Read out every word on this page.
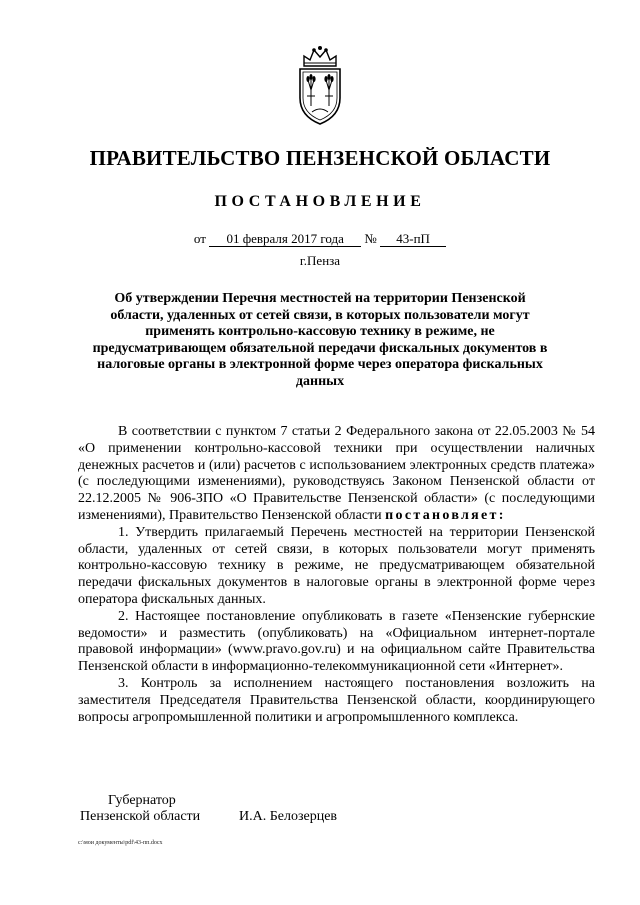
ПРАВИТЕЛЬСТВО ПЕНЗЕНСКОЙ ОБЛАСТИ
ПОСТАНОВЛЕНИЕ
от 01 февраля 2017 года № 43-пП
г.Пенза
Об утверждении Перечня местностей на территории Пензенской области, удаленных от сетей связи, в которых пользователи могут применять контрольно-кассовую технику в режиме, не предусматривающем обязательной передачи фискальных документов в налоговые органы в электронной форме через оператора фискальных данных

В соответствии с пунктом 7 статьи 2 Федерального закона от 22.05.2003 № 54 «О применении контрольно-кассовой техники при осуществлении наличных денежных расчетов и (или) расчетов с использованием электронных средств платежа» (с последующими изменениями), руководствуясь Законом Пензенской области от 22.12.2005 № 906-ЗПО «О Правительстве Пензенской области» (с последующими изменениями), Правительство Пензенской области постановляет:

1. Утвердить прилагаемый Перечень местностей на территории Пензенской области, удаленных от сетей связи, в которых пользователи могут применять контрольно-кассовую технику в режиме, не предусматривающем обязательной передачи фискальных документов в налоговые органы в электронной форме через оператора фискальных данных.

2. Настоящее постановление опубликовать в газете «Пензенские губернские ведомости» и разместить (опубликовать) на «Официальном интернет-портале правовой информации» (www.pravo.gov.ru) и на официальном сайте Правительства Пензенской области в информационно-телекоммуникационной сети «Интернет».

3. Контроль за исполнением настоящего постановления возложить на заместителя Председателя Правительства Пензенской области, координирующего вопросы агропромышленной политики и агропромышленного комплекса.

Губернатор
Пензенской области	И.А. Белозерцев
c:\мои документы\pdf\43-пп.docx
